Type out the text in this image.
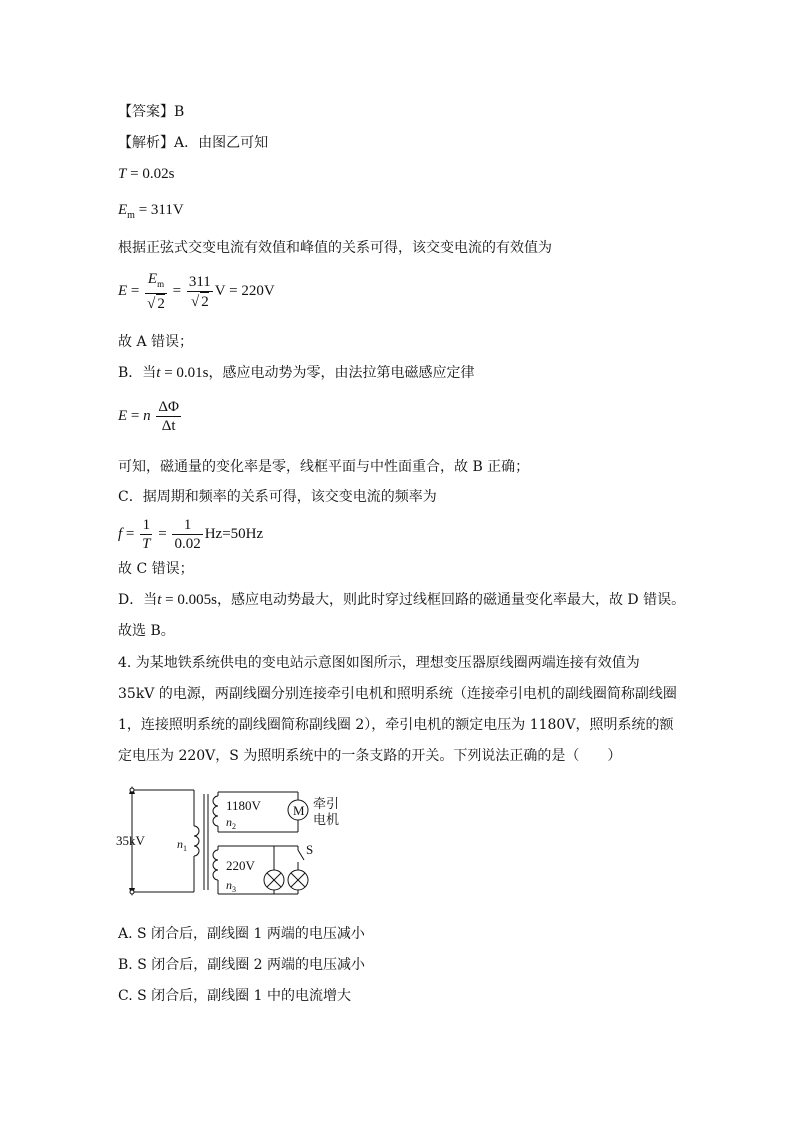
【答案】B
【解析】A．由图乙可知
T = 0.02s
$E_m = 311V$
根据正弦式交变电流有效值和峰值的关系可得，该交变电流的有效值为
$E = \frac{E_m}{√ 2} = \frac{311}{√ 2}$ V = 220V
故 A 错误；
B．当t = 0.01s，感应电动势为零，由法拉第电磁感应定律
E = n $\frac{\Delta\Phi}{\Delta t}$
可知，磁通量的变化率是零，线框平面与中性面重合，故 B 正确；
C．据周期和频率的关系可得，该交变电流的频率为
$f = \frac{1}{T} = \frac{1}{0.02} Hz=50Hz$
故 C 错误；
D．当t = 0.005s，感应电动势最大，则此时穿过线框回路的磁通量变化率最大，故 D 错误。
故选 B。
4. 为某地铁系统供电的变电站示意图如图所示，理想变压器原线圈两端连接有效值为
35kV 的电源，两副线圈分别连接牵引电机和照明系统（连接牵引电机的副线圈简称副线圈
1，连接照明系统的副线圈简称副线圈 2），牵引电机的额定电压为 1180V，照明系统的额
定电压为 220V，S 为照明系统中的一条支路的开关。下列说法正确的是（　　）
35kV	$n_1$
1180V
$n_2$
M 牵引
电机
220V
$n_3$
S
A. S 闭合后，副线圈 1 两端的电压减小
B. S 闭合后，副线圈 2 两端的电压减小
C. S 闭合后，副线圈 1 中的电流增大
